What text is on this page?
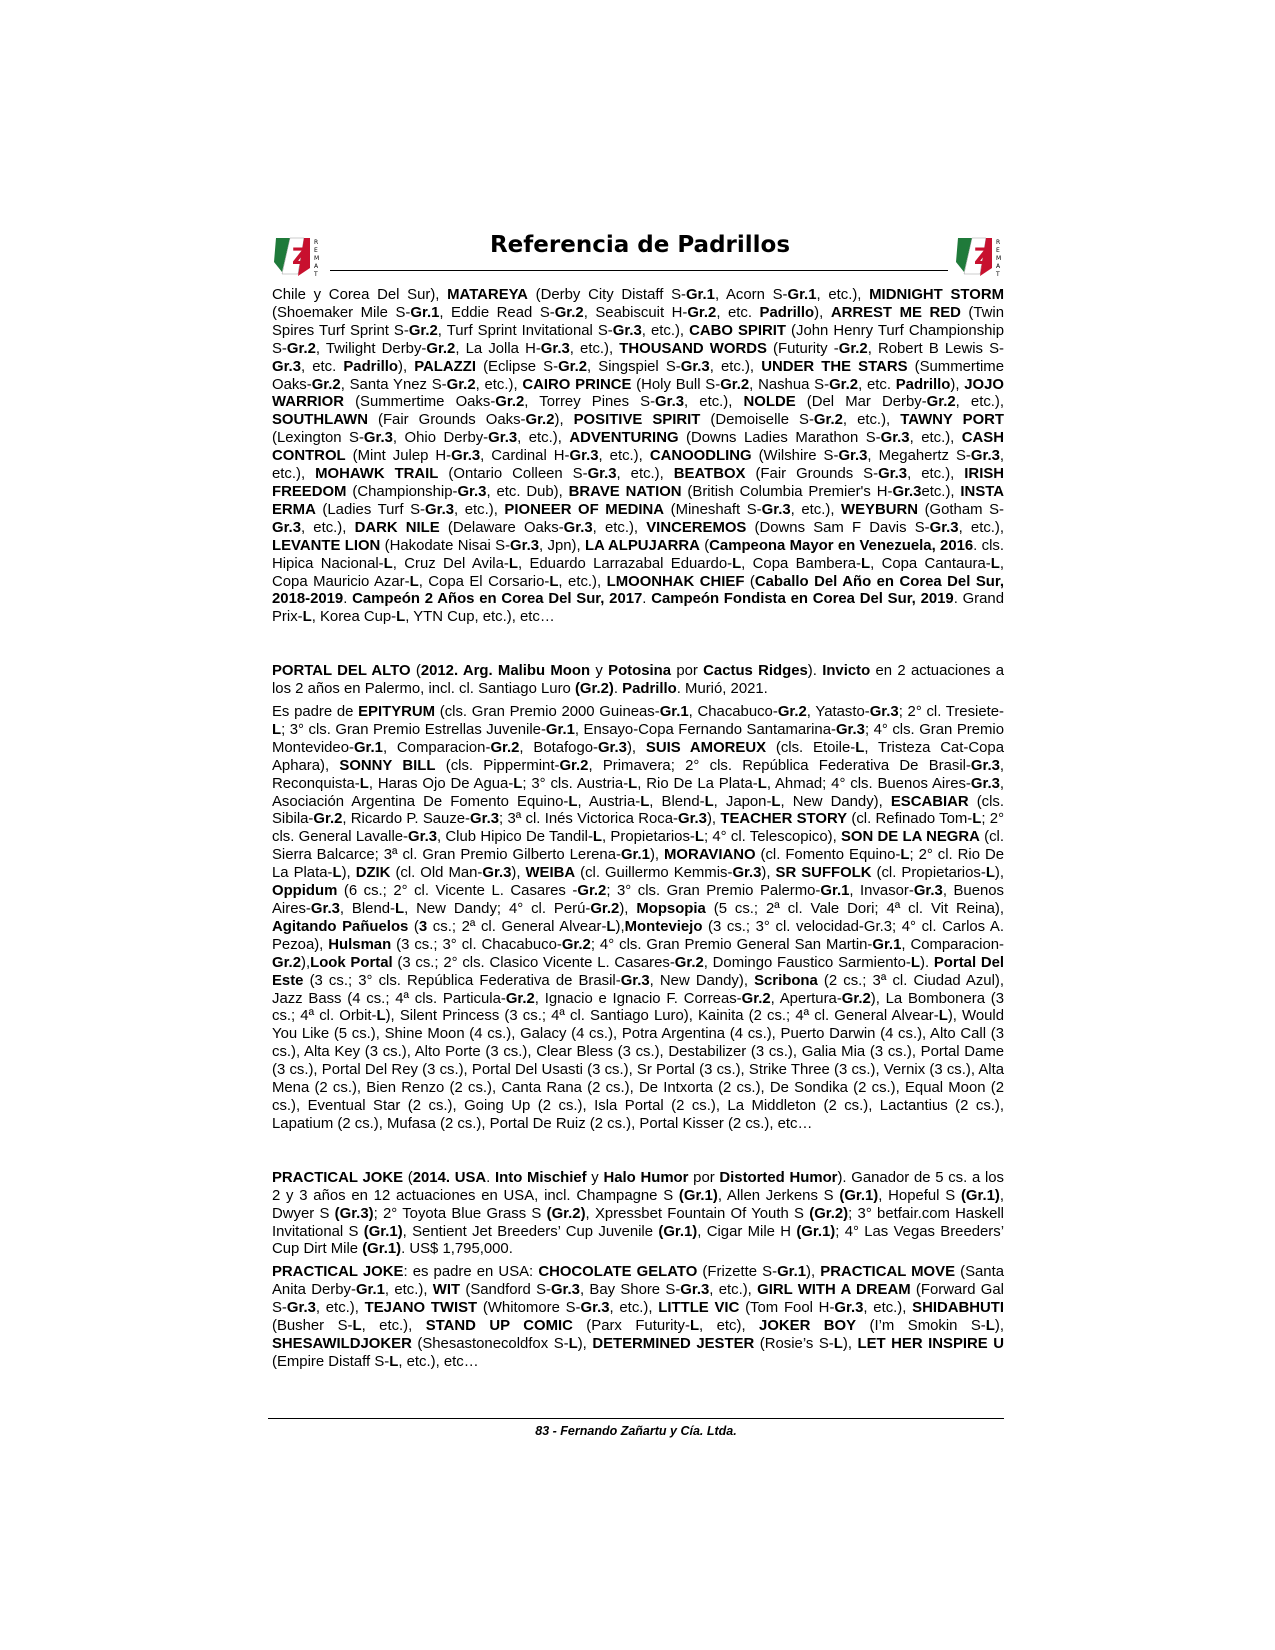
Z
R
E
M
A
T
Referencia de Padrillos	Z
R
E
M
A
T

Chile y Corea Del Sur), MATAREYA (Derby City Distaff S-Gr.1, Acorn S-Gr.1, etc.), MIDNIGHT STORM (Shoemaker Mile S-Gr.1, Eddie Read S-Gr.2, Seabiscuit H-Gr.2, etc. Padrillo), ARREST ME RED (Twin Spires Turf Sprint S-Gr.2, Turf Sprint Invitational S-Gr.3, etc.), CABO SPIRIT (John Henry Turf Championship S-Gr.2, Twilight Derby-Gr.2, La Jolla H-Gr.3, etc.), THOUSAND WORDS (Futurity -Gr.2, Robert B Lewis S-Gr.3, etc. Padrillo), PALAZZI (Eclipse S-Gr.2, Singspiel S-Gr.3, etc.), UNDER THE STARS (Summertime Oaks-Gr.2, Santa Ynez S-Gr.2, etc.), CAIRO PRINCE (Holy Bull S-Gr.2, Nashua S-Gr.2, etc. Padrillo), JOJO WARRIOR (Summertime Oaks-Gr.2, Torrey Pines S-Gr.3, etc.), NOLDE (Del Mar Derby-Gr.2, etc.), SOUTHLAWN (Fair Grounds Oaks-Gr.2), POSITIVE SPIRIT (Demoiselle S-Gr.2, etc.), TAWNY PORT (Lexington S-Gr.3, Ohio Derby-Gr.3, etc.), ADVENTURING (Downs Ladies Marathon S-Gr.3, etc.), CASH CONTROL (Mint Julep H-Gr.3, Cardinal H-Gr.3, etc.), CANOODLING (Wilshire S-Gr.3, Megahertz S-Gr.3, etc.), MOHAWK TRAIL (Ontario Colleen S-Gr.3, etc.), BEATBOX (Fair Grounds S-Gr.3, etc.), IRISH FREEDOM (Championship-Gr.3, etc. Dub), BRAVE NATION (British Columbia Premier's H-Gr.3etc.), INSTA ERMA (Ladies Turf S-Gr.3, etc.), PIONEER OF MEDINA (Mineshaft S-Gr.3, etc.), WEYBURN (Gotham S-Gr.3, etc.), DARK NILE (Delaware Oaks-Gr.3, etc.), VINCEREMOS (Downs Sam F Davis S-Gr.3, etc.), LEVANTE LION (Hakodate Nisai S-Gr.3, Jpn), LA ALPUJARRA (Campeona Mayor en Venezuela, 2016. cls. Hipica Nacional-L, Cruz Del Avila-L, Eduardo Larrazabal Eduardo-L, Copa Bambera-L, Copa Cantaura-L, Copa Mauricio Azar-L, Copa El Corsario-L, etc.), LMOONHAK CHIEF (Caballo Del Año en Corea Del Sur, 2018-2019. Campeón 2 Años en Corea Del Sur, 2017. Campeón Fondista en Corea Del Sur, 2019. Grand Prix-L, Korea Cup-L, YTN Cup, etc.), etc…

PORTAL DEL ALTO (2012. Arg. Malibu Moon y Potosina por Cactus Ridges). Invicto en 2 actuaciones a los 2 años en Palermo, incl. cl. Santiago Luro (Gr.2). Padrillo. Murió, 2021.

Es padre de EPITYRUM (cls. Gran Premio 2000 Guineas-Gr.1, Chacabuco-Gr.2, Yatasto-Gr.3; 2° cl. Tresiete-L; 3° cls. Gran Premio Estrellas Juvenile-Gr.1, Ensayo-Copa Fernando Santamarina-Gr.3; 4° cls. Gran Premio Montevideo-Gr.1, Comparacion-Gr.2, Botafogo-Gr.3), SUIS AMOREUX (cls. Etoile-L, Tristeza Cat-Copa Aphara), SONNY BILL (cls. Pippermint-Gr.2, Primavera; 2° cls. República Federativa De Brasil-Gr.3, Reconquista-L, Haras Ojo De Agua-L; 3° cls. Austria-L, Rio De La Plata-L, Ahmad; 4° cls. Buenos Aires-Gr.3, Asociación Argentina De Fomento Equino-L, Austria-L, Blend-L, Japon-L, New Dandy), ESCABIAR (cls. Sibila-Gr.2, Ricardo P. Sauze-Gr.3; 3ª cl. Inés Victorica Roca-Gr.3), TEACHER STORY (cl. Refinado Tom-L; 2° cls. General Lavalle-Gr.3, Club Hipico De Tandil-L, Propietarios-L; 4° cl. Telescopico), SON DE LA NEGRA (cl. Sierra Balcarce; 3ª cl. Gran Premio Gilberto Lerena-Gr.1), MORAVIANO (cl. Fomento Equino-L; 2° cl. Rio De La Plata-L), DZIK (cl. Old Man-Gr.3), WEIBA (cl. Guillermo Kemmis-Gr.3), SR SUFFOLK (cl. Propietarios-L), Oppidum (6 cs.; 2° cl. Vicente L. Casares -Gr.2; 3° cls. Gran Premio Palermo-Gr.1, Invasor-Gr.3, Buenos Aires-Gr.3, Blend-L, New Dandy; 4° cl. Perú-Gr.2), Mopsopia (5 cs.; 2ª cl. Vale Dori; 4ª cl. Vit Reina), Agitando Pañuelos (3 cs.; 2ª cl. General Alvear-L),Monteviejo (3 cs.; 3° cl. velocidad-Gr.3; 4° cl. Carlos A. Pezoa), Hulsman (3 cs.; 3° cl. Chacabuco-Gr.2; 4° cls. Gran Premio General San Martin-Gr.1, Comparacion-Gr.2),Look Portal (3 cs.; 2° cls. Clasico Vicente L. Casares-Gr.2, Domingo Faustico Sarmiento-L). Portal Del Este (3 cs.; 3° cls. República Federativa de Brasil-Gr.3, New Dandy), Scribona (2 cs.; 3ª cl. Ciudad Azul), Jazz Bass (4 cs.; 4ª cls. Particula-Gr.2, Ignacio e Ignacio F. Correas-Gr.2, Apertura-Gr.2), La Bombonera (3 cs.; 4ª cl. Orbit-L), Silent Princess (3 cs.; 4ª cl. Santiago Luro), Kainita (2 cs.; 4ª cl. General Alvear-L), Would You Like (5 cs.), Shine Moon (4 cs.), Galacy (4 cs.), Potra Argentina (4 cs.), Puerto Darwin (4 cs.), Alto Call (3 cs.), Alta Key (3 cs.), Alto Porte (3 cs.), Clear Bless (3 cs.), Destabilizer (3 cs.), Galia Mia (3 cs.), Portal Dame (3 cs.), Portal Del Rey (3 cs.), Portal Del Usasti (3 cs.), Sr Portal (3 cs.), Strike Three (3 cs.), Vernix (3 cs.), Alta Mena (2 cs.), Bien Renzo (2 cs.), Canta Rana (2 cs.), De Intxorta (2 cs.), De Sondika (2 cs.), Equal Moon (2 cs.), Eventual Star (2 cs.), Going Up (2 cs.), Isla Portal (2 cs.), La Middleton (2 cs.), Lactantius (2 cs.), Lapatium (2 cs.), Mufasa (2 cs.), Portal De Ruiz (2 cs.), Portal Kisser (2 cs.), etc…

PRACTICAL JOKE (2014. USA. Into Mischief y Halo Humor por Distorted Humor). Ganador de 5 cs. a los 2 y 3 años en 12 actuaciones en USA, incl. Champagne S (Gr.1), Allen Jerkens S (Gr.1), Hopeful S (Gr.1), Dwyer S (Gr.3); 2° Toyota Blue Grass S (Gr.2), Xpressbet Fountain Of Youth S (Gr.2); 3° betfair.com Haskell Invitational S (Gr.1), Sentient Jet Breeders’ Cup Juvenile (Gr.1), Cigar Mile H (Gr.1); 4° Las Vegas Breeders’ Cup Dirt Mile (Gr.1). US$ 1,795,000.

PRACTICAL JOKE: es padre en USA: CHOCOLATE GELATO (Frizette S-Gr.1), PRACTICAL MOVE (Santa Anita Derby-Gr.1, etc.), WIT (Sandford S-Gr.3, Bay Shore S-Gr.3, etc.), GIRL WITH A DREAM (Forward Gal S-Gr.3, etc.), TEJANO TWIST (Whitomore S-Gr.3, etc.), LITTLE VIC (Tom Fool H-Gr.3, etc.), SHIDABHUTI (Busher S-L, etc.), STAND UP COMIC (Parx Futurity-L, etc), JOKER BOY (I’m Smokin S-L), SHESAWILDJOKER (Shesastonecoldfox S-L), DETERMINED JESTER (Rosie’s S-L), LET HER INSPIRE U (Empire Distaff S-L, etc.), etc…

83 - Fernando Zañartu y Cía. Ltda.
